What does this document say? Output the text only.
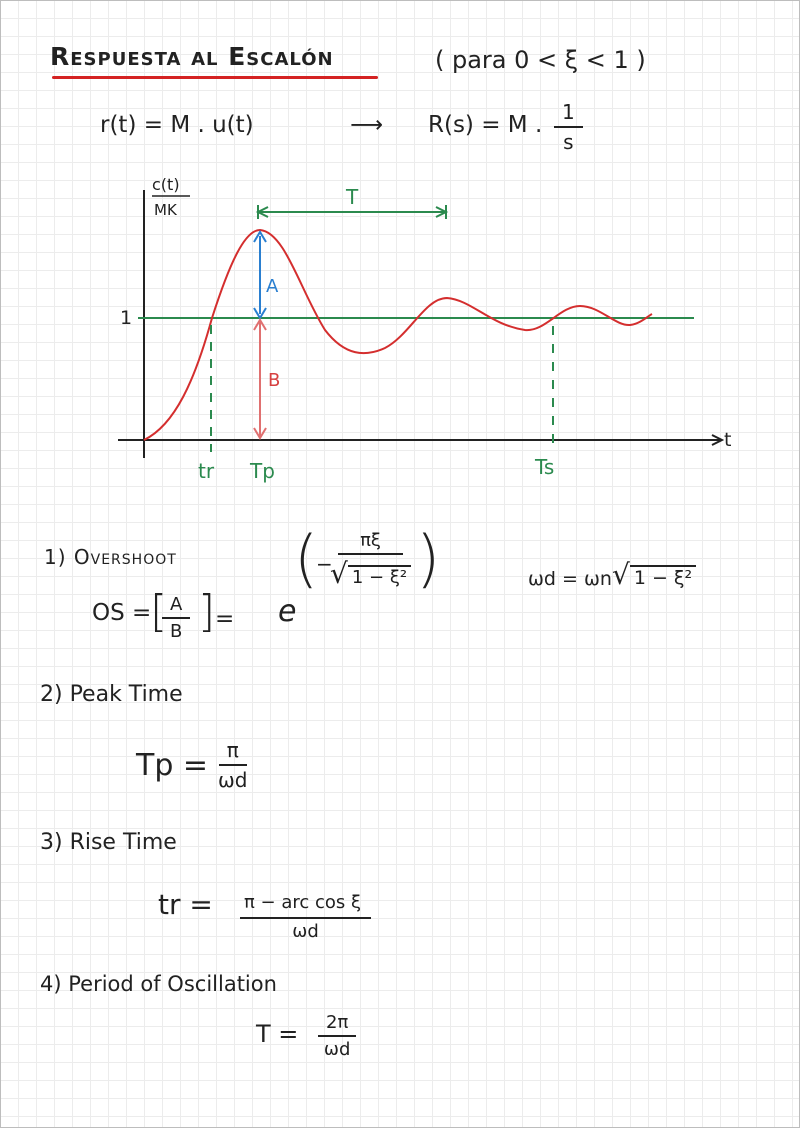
Respuesta al Escalón	( para 0 < ξ < 1 )
r(t) = M . u(t)	⟶ R(s) = M . $\frac{1}{s}$
c(t)
MK
1
t
T
A
B
tr Tp	Ts
1) Overshoot
OS =
[
$\frac{A}{B}$ ] = e
(
−
$\frac{\pi\xi}{\text{√ 1 − ξ²}}$ )	ωd = ωn √ 1 − ξ²
2) Peak Time
$Tp = \frac{\pi}{\omega d}$
3) Rise Time
tr = π − arc cos ξ
ωd
4) Period of Oscillation
$T = \frac{2\pi}{\omega d}$
